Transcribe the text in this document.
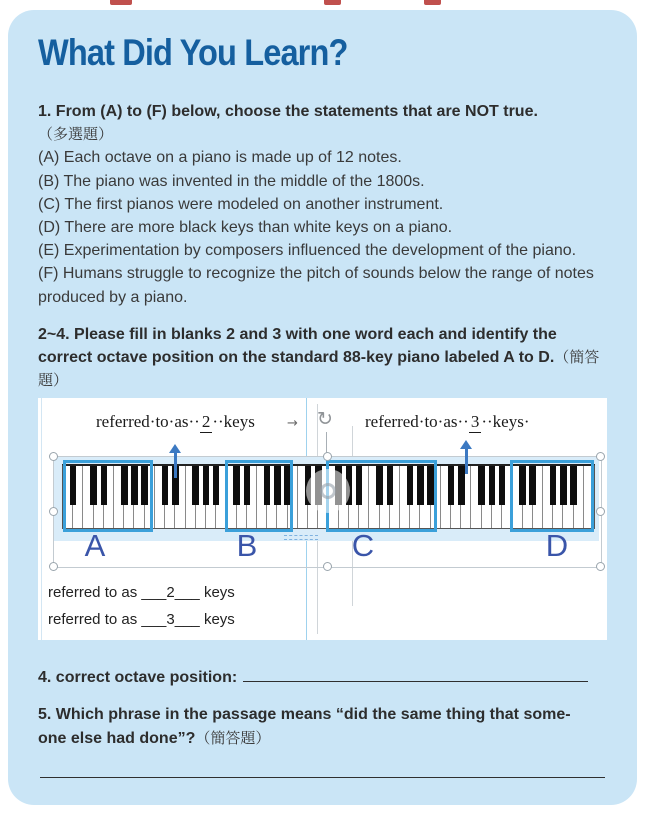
What Did You Learn?

1. From (A) to (F) below, choose the statements that are NOT true.
（多選題）

(A) Each octave on a piano is made up of 12 notes.

(B) The piano was invented in the middle of the 1800s.

(C) The first pianos were modeled on another instrument.

(D) There are more black keys than white keys on a piano.

(E) Experimentation by composers influenced the development of the piano.

(F) Humans struggle to recognize the pitch of sounds below the range of notes produced by a piano.

2~4. Please fill in blanks 2 and 3 with one word each and identify the correct octave position on the standard 88-key piano labeled A to D.（簡答題）

referred·to·as·· 2 ··keys → ↻ referred·to·as·· 3 ··keys·
A	B	C	D
referred to as ___2___ keys
referred to as ___3___ keys

4. correct octave position:

5. Which phrase in the passage means “did the same thing that some-
one else had done”?（簡答題）
